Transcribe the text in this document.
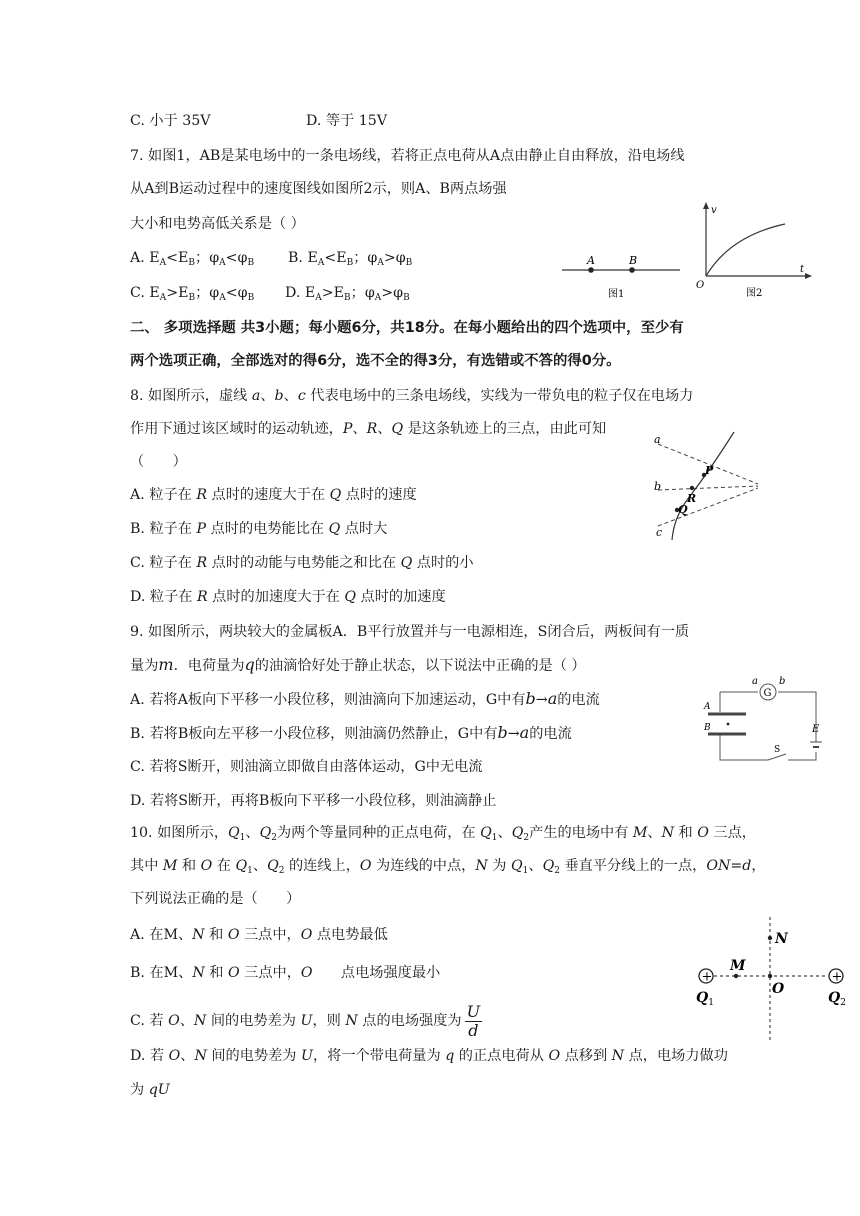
C. 小于 35V	D. 等于 15V
7. 如图1，AB是某电场中的一条电场线，若将正点电荷从A点由静止自由释放，沿电场线
从A到B运动过程中的速度图线如图所2示，则A、B两点场强
大小和电势高低关系是（ ）
A. $E_A<E_B$；$\varphi_A<\varphi_B$ B. $E_A<E_B$；$\varphi_A>\varphi_B$
C. $E_A>E_B$；$\varphi_A<\varphi_B$ D. $E_A>E_B$；$\varphi_A>\varphi_B$
A	B
图1
v
t
O
图2
二、 多项选择题 共3小题；每小题6分，共18分。在每小题给出的四个选项中，至少有
两个选项正确，全部选对的得6分，选不全的得3分，有选错或不答的得0分。
8. 如图所示，虚线 a、b、c 代表电场中的三条电场线，实线为一带负电的粒子仅在电场力
作用下通过该区域时的运动轨迹，P、R、Q 是这条轨迹上的三点，由此可知
（　　）
A. 粒子在 R 点时的速度大于在 Q 点时的速度
B. 粒子在 P 点时的电势能比在 Q 点时大
C. 粒子在 R 点时的动能与电势能之和比在 Q 点时的小
D. 粒子在 R 点时的加速度大于在 Q 点时的加速度
a
b
c
P
R
Q
9. 如图所示，两块较大的金属板A．B平行放置并与一电源相连，S闭合后，两板间有一质
量为m．电荷量为q的油滴恰好处于静止状态，以下说法中正确的是（ ）
A. 若将A板向下平移一小段位移，则油滴向下加速运动，G中有b→a的电流
B. 若将B板向左平移一小段位移，则油滴仍然静止，G中有b→a的电流
C. 若将S断开，则油滴立即做自由落体运动，G中无电流
D. 若将S断开，再将B板向下平移一小段位移，则油滴静止
G
a b
A
B	E
S
10. 如图所示，$Q_1$、$Q_2$为两个等量同种的正点电荷，在 $Q_1$、$Q_2$产生的电场中有 M、N 和 O 三点，
其中 M 和 O 在 $Q_1$、$Q_2$ 的连线上，O 为连线的中点，N 为 $Q_1$、$Q_2$ 垂直平分线上的一点，ON=d，
下列说法正确的是（　　）
A. 在M、N 和 O 三点中，O 点电势最低
B. 在M、N 和 O 三点中，O　　点电场强度最小
C. 若 O、N 间的电势差为 U，则 N 点的电场强度为 $\frac{U}{d}$
D. 若 O、N 间的电势差为 U，将一个带电荷量为 q 的正点电荷从 O 点移到 N 点，电场力做功
为 qU
+	+
N
M
O
$Q_1$	$Q_2$
